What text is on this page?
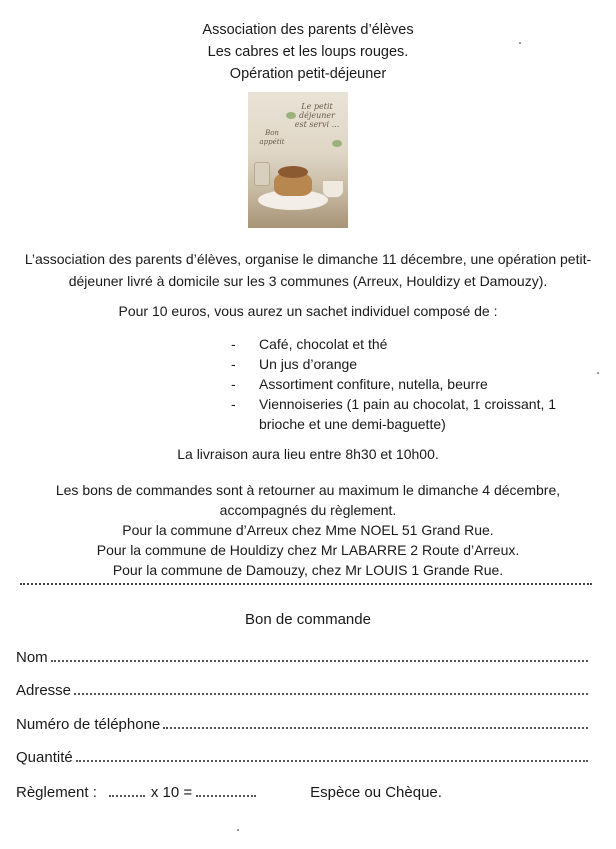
Association des parents d’élèves
Les cabres et les loups rouges.
Opération petit-déjeuner
Le petit déjeuner est servi ...
Bon appétit
L’association des parents d’élèves, organise le dimanche 11 décembre, une opération petit-déjeuner livré à domicile sur les 3 communes (Arreux, Houldizy et Damouzy).
Pour 10 euros, vous aurez un sachet individuel composé de :
- Café, chocolat et thé
- Un jus d’orange
- Assortiment confiture, nutella, beurre
- Viennoiseries (1 pain au chocolat, 1 croissant, 1 brioche et une demi-baguette)
La livraison aura lieu entre 8h30 et 10h00.
Les bons de commandes sont à retourner au maximum le dimanche 4 décembre,
accompagnés du règlement.
Pour la commune d’Arreux chez Mme NOEL 51 Grand Rue.
Pour la commune de Houldizy chez Mr LABARRE 2 Route d’Arreux.
Pour la commune de Damouzy, chez Mr LOUIS 1 Grande Rue.
Bon de commande
Nom
Adresse
Numéro de téléphone
Quantité
Règlement :	x 10 =	Espèce ou Chèque.
